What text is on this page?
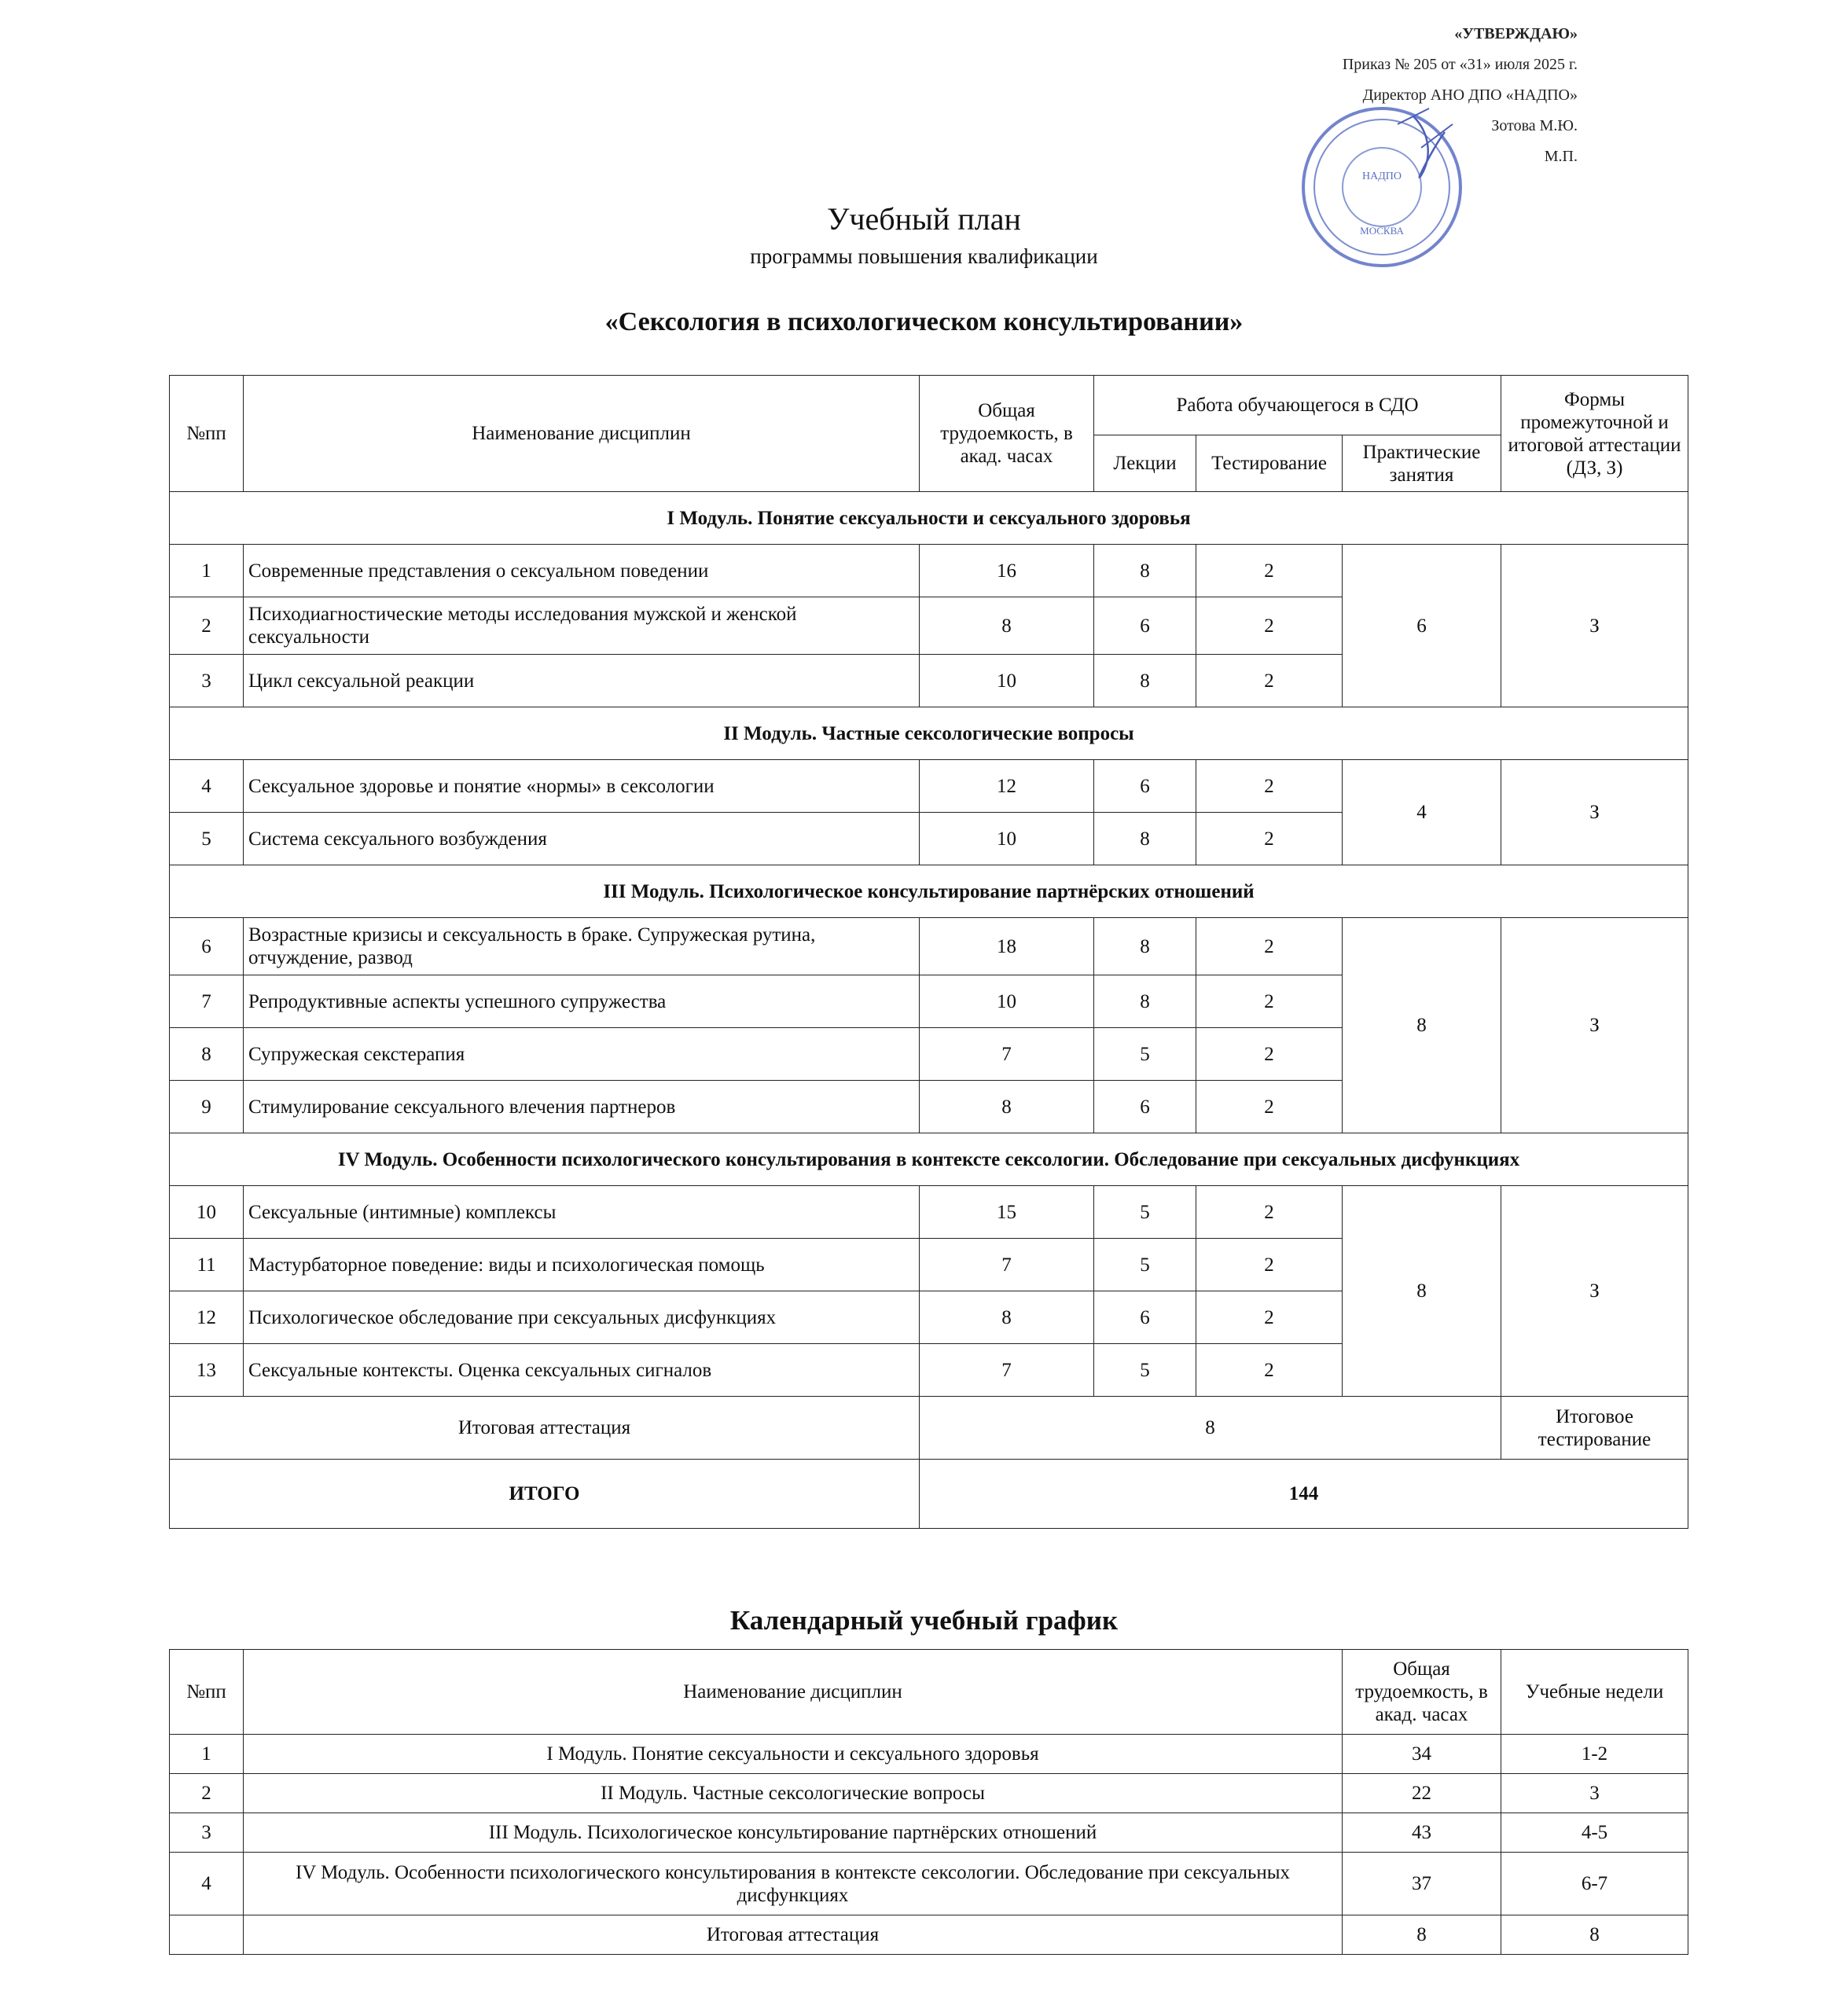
«УТВЕРЖДАЮ»
Приказ № 205 от «31» июля 2025 г.
Директор АНО ДПО «НАДПО»
Зотова М.Ю.
М.П.
НАДПО
МОСКВА
Учебный план
программы повышения квалификации
«Сексология в психологическом консультировании»
№пп	Наименование дисциплин	Общая трудоемкость, в акад. часах	Работа обучающегося в СДО			Формы промежуточной и итоговой аттестации (ДЗ, З)
			Лекции	Тестирование	Практические занятия	
I Модуль. Понятие сексуальности и сексуального здоровья						
1	Современные представления о сексуальном поведении	16	8	2	6	З
2	Психодиагностические методы исследования мужской и женской сексуальности	8	6	2		
3	Цикл сексуальной реакции	10	8	2		
II Модуль. Частные сексологические вопросы						
4	Сексуальное здоровье и понятие «нормы» в сексологии	12	6	2	4	З
5	Система сексуального возбуждения	10	8	2		
III Модуль. Психологическое консультирование партнёрских отношений						
6	Возрастные кризисы и сексуальность в браке. Супружеская рутина, отчуждение, развод	18	8	2	8	З
7	Репродуктивные аспекты успешного супружества	10	8	2		
8	Супружеская секстерапия	7	5	2		
9	Стимулирование сексуального влечения партнеров	8	6	2		
IV Модуль. Особенности психологического консультирования в контексте сексологии. Обследование при сексуальных дисфункциях						
10	Сексуальные (интимные) комплексы	15	5	2	8	З
11	Мастурбаторное поведение: виды и психологическая помощь	7	5	2		
12	Психологическое обследование при сексуальных дисфункциях	8	6	2		
13	Сексуальные контексты. Оценка сексуальных сигналов	7	5	2		
Итоговая аттестация		8				Итоговое тестирование
ИТОГО		144				
Календарный учебный график
№пп	Наименование дисциплин	Общая трудоемкость, в акад. часах	Учебные недели
1	I Модуль. Понятие сексуальности и сексуального здоровья	34	1-2
2	II Модуль. Частные сексологические вопросы	22	3
3	III Модуль. Психологическое консультирование партнёрских отношений	43	4-5
4	IV Модуль. Особенности психологического консультирования в контексте сексологии. Обследование при сексуальных дисфункциях	37	6-7
	Итоговая аттестация	8	8
